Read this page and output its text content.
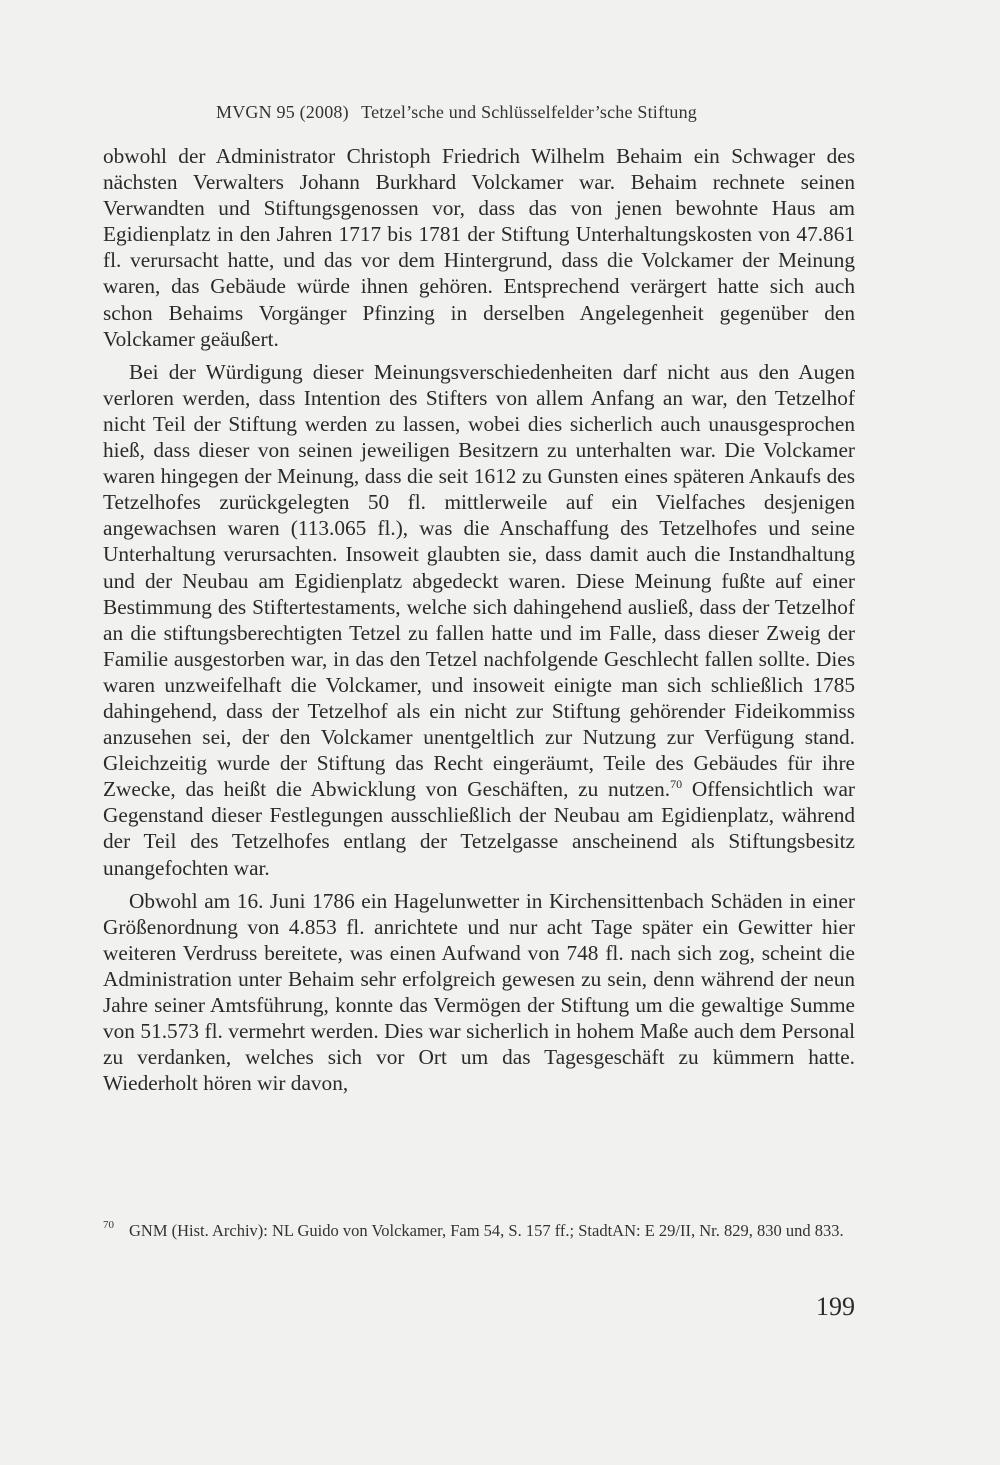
MVGN 95 (2008) Tetzel’sche und Schlüsselfelder’sche Stiftung

obwohl der Administrator Christoph Friedrich Wilhelm Behaim ein Schwager des nächsten Verwalters Johann Burkhard Volckamer war. Behaim rechnete seinen Verwandten und Stiftungsgenossen vor, dass das von jenen bewohnte Haus am Egidienplatz in den Jahren 1717 bis 1781 der Stiftung Unterhaltungskosten von 47.861 fl. verursacht hatte, und das vor dem Hintergrund, dass die Volckamer der Meinung waren, das Gebäude würde ihnen gehören. Entsprechend verärgert hatte sich auch schon Behaims Vorgänger Pfinzing in derselben Angelegenheit gegenüber den Volckamer geäußert.

Bei der Würdigung dieser Meinungsverschiedenheiten darf nicht aus den Augen verloren werden, dass Intention des Stifters von allem Anfang an war, den Tetzelhof nicht Teil der Stiftung werden zu lassen, wobei dies sicherlich auch unausgesprochen hieß, dass dieser von seinen jeweiligen Besitzern zu unterhalten war. Die Volckamer waren hingegen der Meinung, dass die seit 1612 zu Gunsten eines späteren Ankaufs des Tetzelhofes zurückgelegten 50 fl. mittlerweile auf ein Vielfaches desjenigen angewachsen waren (113.065 fl.), was die Anschaffung des Tetzelhofes und seine Unterhaltung verursachten. Insoweit glaubten sie, dass damit auch die Instandhaltung und der Neubau am Egidienplatz abgedeckt waren. Diese Meinung fußte auf einer Bestimmung des Stiftertestaments, welche sich dahingehend ausließ, dass der Tetzelhof an die stiftungsberechtigten Tetzel zu fallen hatte und im Falle, dass dieser Zweig der Familie ausgestorben war, in das den Tetzel nachfolgende Geschlecht fallen sollte. Dies waren unzweifelhaft die Volckamer, und insoweit einigte man sich schließlich 1785 dahingehend, dass der Tetzelhof als ein nicht zur Stiftung gehörender Fideikommiss anzusehen sei, der den Volckamer unentgeltlich zur Nutzung zur Verfügung stand. Gleichzeitig wurde der Stiftung das Recht eingeräumt, Teile des Gebäudes für ihre Zwecke, das heißt die Abwicklung von Geschäften, zu nutzen.$^{70}$ Offensichtlich war Gegenstand dieser Festlegungen ausschließlich der Neubau am Egidienplatz, während der Teil des Tetzelhofes entlang der Tetzelgasse anscheinend als Stiftungsbesitz unangefochten war.

Obwohl am 16. Juni 1786 ein Hagelunwetter in Kirchensittenbach Schäden in einer Größenordnung von 4.853 fl. anrichtete und nur acht Tage später ein Gewitter hier weiteren Verdruss bereitete, was einen Aufwand von 748 fl. nach sich zog, scheint die Administration unter Behaim sehr erfolgreich gewesen zu sein, denn während der neun Jahre seiner Amtsführung, konnte das Vermögen der Stiftung um die gewaltige Summe von 51.573 fl. vermehrt werden. Dies war sicherlich in hohem Maße auch dem Personal zu verdanken, welches sich vor Ort um das Tagesgeschäft zu kümmern hatte. Wiederholt hören wir davon,

70 GNM (Hist. Archiv): NL Guido von Volckamer, Fam 54, S. 157 ff.; StadtAN: E 29/II, Nr. 829, 830 und 833.
199
